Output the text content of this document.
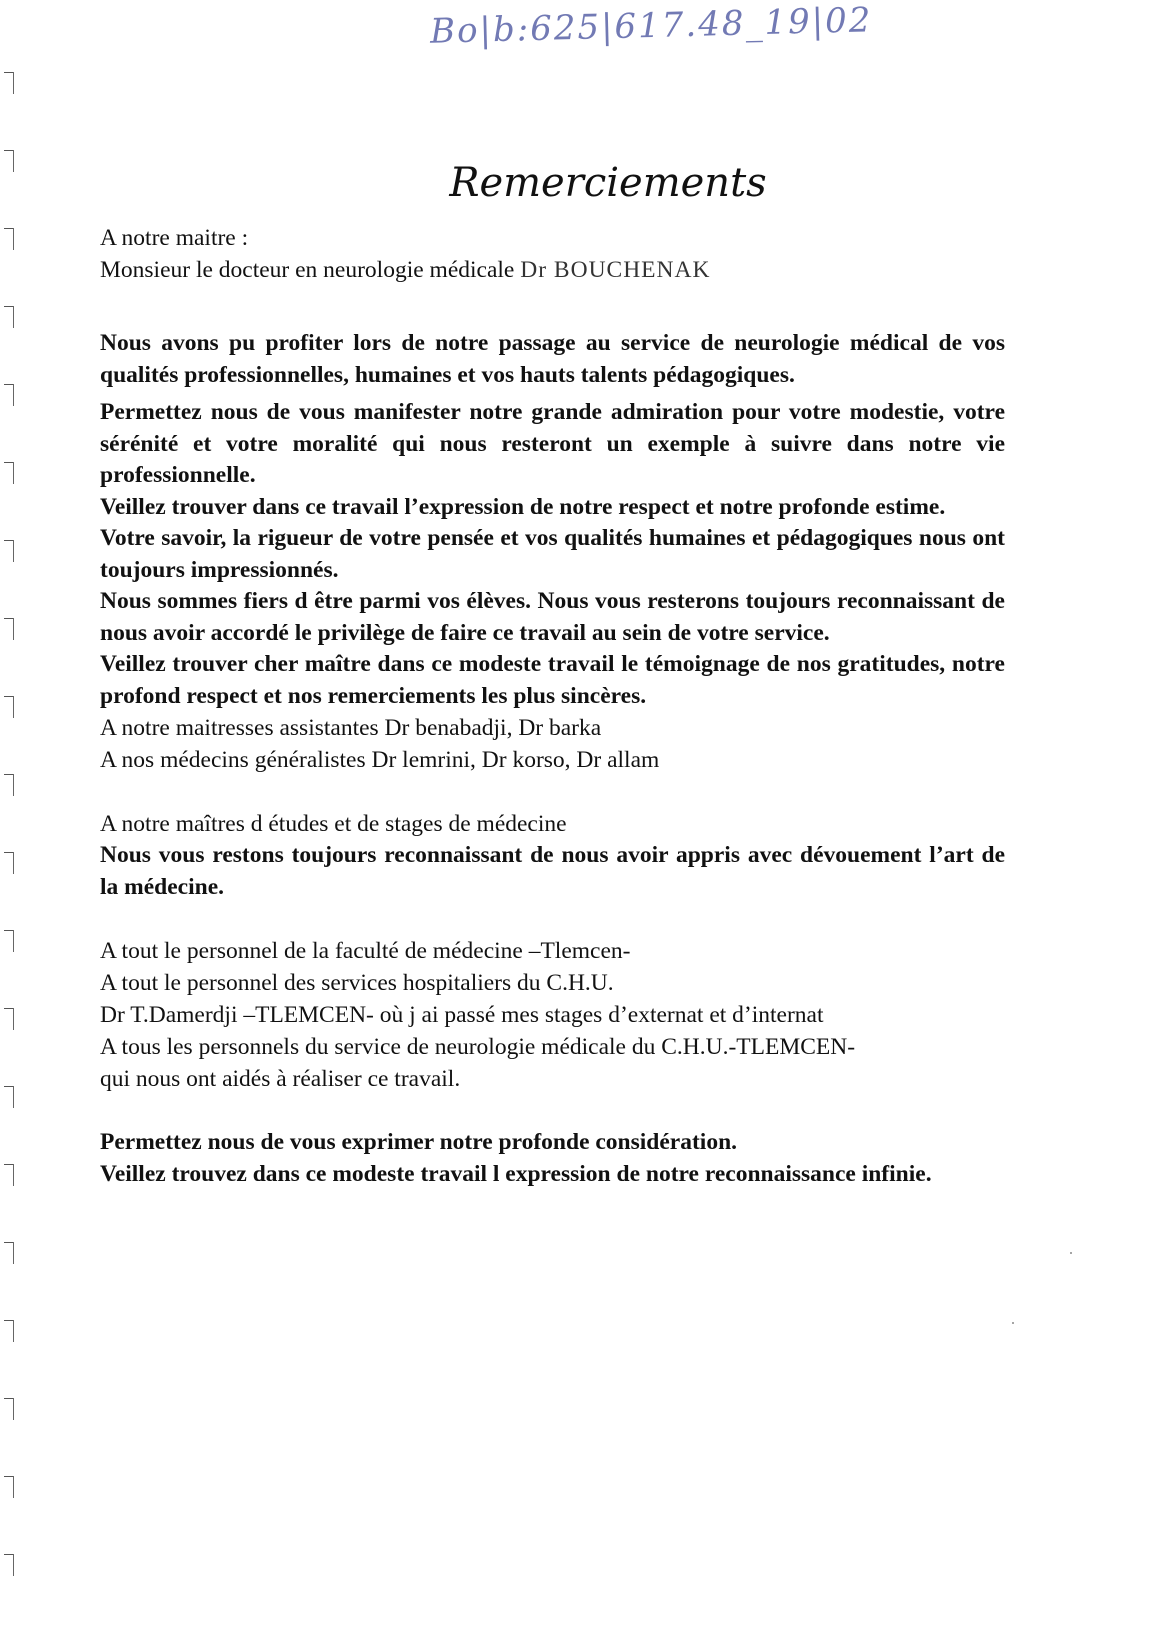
Bo|b:625|617.48_19|02
Remerciements
A notre maitre :
Monsieur le docteur en neurologie médicale Dr BOUCHENAK
Nous avons pu profiter lors de notre passage au service de neurologie médical de vos qualités professionnelles, humaines et vos hauts talents pédagogiques.
Permettez nous de vous manifester notre grande admiration pour votre modestie, votre sérénité et votre moralité qui nous resteront un exemple à suivre dans notre vie professionnelle.
Veillez trouver dans ce travail l’expression de notre respect et notre profonde estime.
Votre savoir, la rigueur de votre pensée et vos qualités humaines et pédagogiques nous ont toujours impressionnés.
Nous sommes fiers d être parmi vos élèves. Nous vous resterons toujours reconnaissant de nous avoir accordé le privilège de faire ce travail au sein de votre service.
Veillez trouver cher maître dans ce modeste travail le témoignage de nos gratitudes, notre profond respect et nos remerciements les plus sincères.
A notre maitresses assistantes Dr benabadji, Dr barka
A nos médecins généralistes Dr lemrini, Dr korso, Dr allam
A notre maîtres d études et de stages de médecine
Nous vous restons toujours reconnaissant de nous avoir appris avec dévouement l’art de la médecine.
A tout le personnel de la faculté de médecine –Tlemcen-
A tout le personnel des services hospitaliers du C.H.U.
Dr T.Damerdji –TLEMCEN- où j ai passé mes stages d’externat et d’internat
A tous les personnels du service de neurologie médicale du C.H.U.-TLEMCEN-
qui nous ont aidés à réaliser ce travail.
Permettez nous de vous exprimer notre profonde considération.
Veillez trouvez dans ce modeste travail l expression de notre reconnaissance infinie.
